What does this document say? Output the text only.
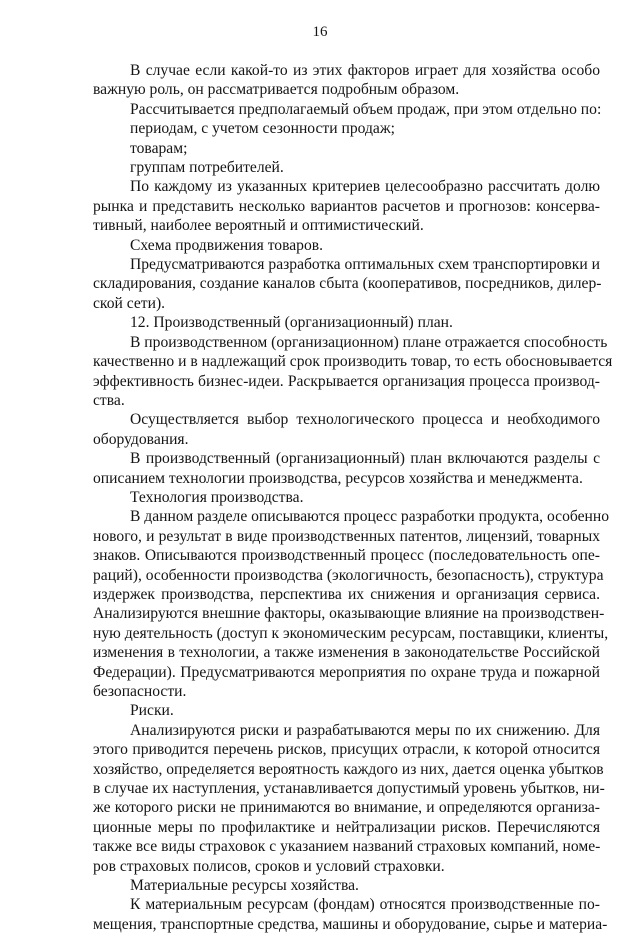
16
В случае если какой-то из этих факторов играет для хозяйства особо
важную роль, он рассматривается подробным образом.
Рассчитывается предполагаемый объем продаж, при этом отдельно по:
периодам, с учетом сезонности продаж;
товарам;
группам потребителей.
По каждому из указанных критериев целесообразно рассчитать долю
рынка и представить несколько вариантов расчетов и прогнозов: консерва-
тивный, наиболее вероятный и оптимистический.
Схема продвижения товаров.
Предусматриваются разработка оптимальных схем транспортировки и
складирования, создание каналов сбыта (кооперативов, посредников, дилер-
ской сети).
12. Производственный (организационный) план.
В производственном (организационном) плане отражается способность
качественно и в надлежащий срок производить товар, то есть обосновывается
эффективность бизнес-идеи. Раскрывается организация процесса производ-
ства.
Осуществляется выбор технологического процесса и необходимого
оборудования.
В производственный (организационный) план включаются разделы с
описанием технологии производства, ресурсов хозяйства и менеджмента.
Технология производства.
В данном разделе описываются процесс разработки продукта, особенно
нового, и результат в виде производственных патентов, лицензий, товарных
знаков. Описываются производственный процесс (последовательность опе-
раций), особенности производства (экологичность, безопасность), структура
издержек производства, перспектива их снижения и организация сервиса.
Анализируются внешние факторы, оказывающие влияние на производствен-
ную деятельность (доступ к экономическим ресурсам, поставщики, клиенты,
изменения в технологии, а также изменения в законодательстве Российской
Федерации). Предусматриваются мероприятия по охране труда и пожарной
безопасности.
Риски.
Анализируются риски и разрабатываются меры по их снижению. Для
этого приводится перечень рисков, присущих отрасли, к которой относится
хозяйство, определяется вероятность каждого из них, дается оценка убытков
в случае их наступления, устанавливается допустимый уровень убытков, ни-
же которого риски не принимаются во внимание, и определяются организа-
ционные меры по профилактике и нейтрализации рисков. Перечисляются
также все виды страховок с указанием названий страховых компаний, номе-
ров страховых полисов, сроков и условий страховки.
Материальные ресурсы хозяйства.
К материальным ресурсам (фондам) относятся производственные по-
мещения, транспортные средства, машины и оборудование, сырье и материа-
